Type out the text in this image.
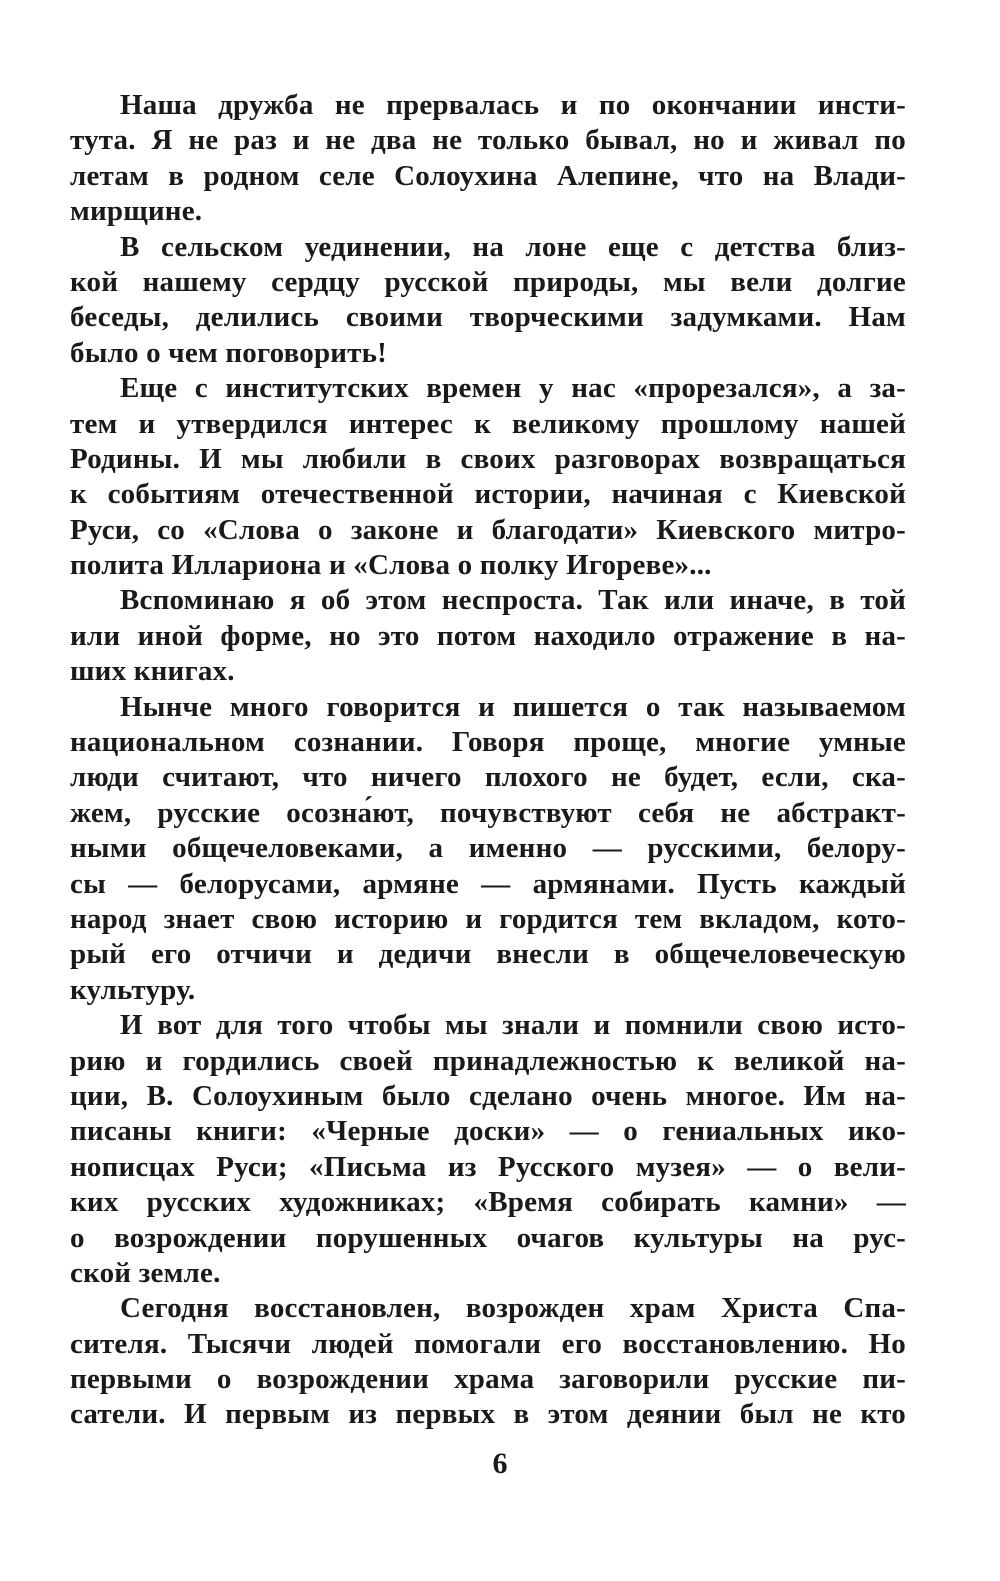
Наша дружба не прервалась и по окончании инсти-
тута. Я не раз и не два не только бывал, но и живал по
летам в родном селе Солоухина Алепине, что на Влади-
мирщине.
В сельском уединении, на лоне еще с детства близ-
кой нашему сердцу русской природы, мы вели долгие
беседы, делились своими творческими задумками. Нам
было о чем поговорить!
Еще с институтских времен у нас «прорезался», а за-
тем и утвердился интерес к великому прошлому нашей
Родины. И мы любили в своих разговорах возвращаться
к событиям отечественной истории, начиная с Киевской
Руси, со «Слова о законе и благодати» Киевского митро-
полита Иллариона и «Слова о полку Игореве»...
Вспоминаю я об этом неспроста. Так или иначе, в той
или иной форме, но это потом находило отражение в на-
ших книгах.
Нынче много говорится и пишется о так называемом
национальном сознании. Говоря проще, многие умные
люди считают, что ничего плохого не будет, если, ска-
жем, русские осозна́ют, почувствуют себя не абстракт-
ными общечеловеками, а именно — русскими, белору-
сы — белорусами, армяне — армянами. Пусть каждый
народ знает свою историю и гордится тем вкладом, кото-
рый его отчичи и дедичи внесли в общечеловеческую
культуру.
И вот для того чтобы мы знали и помнили свою исто-
рию и гордились своей принадлежностью к великой на-
ции, В. Солоухиным было сделано очень многое. Им на-
писаны книги: «Черные доски» — о гениальных ико-
нописцах Руси; «Письма из Русского музея» — о вели-
ких русских художниках; «Время собирать камни» —
о возрождении порушенных очагов культуры на рус-
ской земле.
Сегодня восстановлен, возрожден храм Христа Спа-
сителя. Тысячи людей помогали его восстановлению. Но
первыми о возрождении храма заговорили русские пи-
сатели. И первым из первых в этом деянии был не кто
6
